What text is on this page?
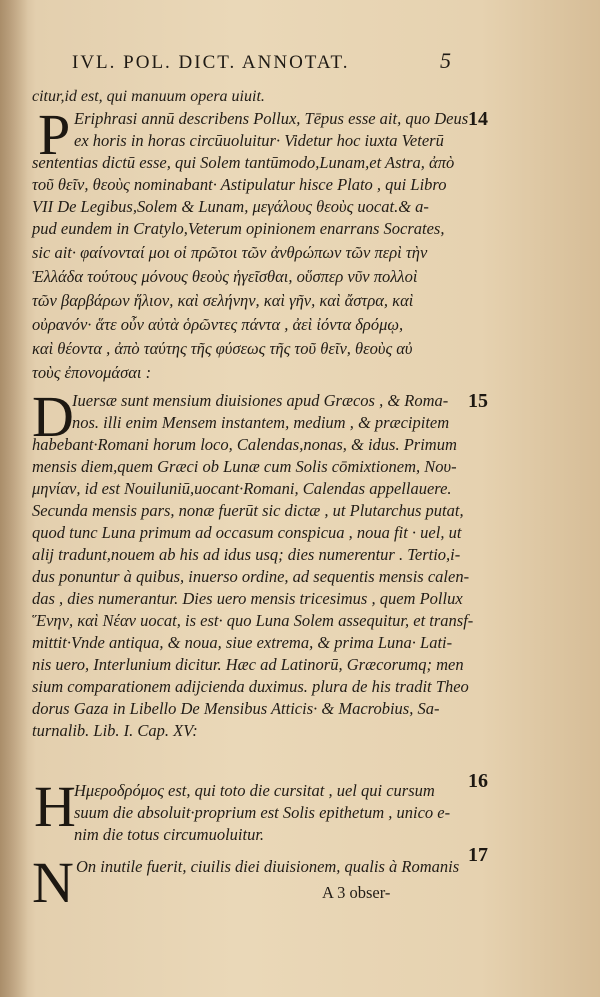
IVL. POL. DICT. ANNOTAT.	5
P
D
H
N
citur,id est, qui manuum opera uiuit.
Eriphrasi annū describens Pollux, Tēpus esse ait, quo Deus
ex horis in horas circūuoluitur· Videtur hoc iuxta Veterū
sententias dictū esse, qui Solem tantūmodo,Lunam,et Astra, ἀπὸ
τοῦ θεῖν, θεοὺς nominabant· Astipulatur hisce Plato , qui Libro
VII De Legibus,Solem & Lunam, μεγάλους θεοὺς uocat.& a-
pud eundem in Cratylo,Veterum opinionem enarrans Socrates,
sic ait· φαίνονταί μοι οἱ πρῶτοι τῶν ἀνθρώπων τῶν περὶ τὴν
Ἑλλάδα τούτους μόνους θεοὺς ἡγεῖσθαι, οὕσπερ νῦν πολλοὶ
τῶν βαρβάρων ἥλιον, καὶ σελήνην, καὶ γῆν, καὶ ἄστρα, καὶ
οὐρανόν· ἅτε οὖν αὐτὰ ὁρῶντες πάντα , ἀεὶ ἰόντα δρόμῳ,
καὶ θέοντα , ἀπὸ ταύτης τῆς φύσεως τῆς τοῦ θεῖν, θεοὺς αὐ
τοὺς ἐπονομάσαι :
Iuersæ sunt mensium diuisiones apud Græcos , & Roma-
nos. illi enim Mensem instantem, medium , & præcipitem
habebant·Romani horum loco, Calendas,nonas, & idus. Primum
mensis diem,quem Græci ob Lunæ cum Solis cōmixtionem, Νου-
μηνίαν, id est Nouiluniū,uocant·Romani, Calendas appellauere.
Secunda mensis pars, nonæ fuerūt sic dictæ , ut Plutarchus putat,
quod tunc Luna primum ad occasum conspicua , noua fit · uel, ut
alij tradunt,nouem ab his ad idus usq; dies numerentur . Tertio,i-
dus ponuntur à quibus, inuerso ordine, ad sequentis mensis calen-
das , dies numerantur. Dies uero mensis tricesimus , quem Pollux
Ἕνην, καὶ Νέαν uocat, is est· quo Luna Solem assequitur, et transf-
mittit·Vnde antiqua, & noua, siue extrema, & prima Luna· Lati-
nis uero, Interlunium dicitur. Hæc ad Latinorū, Græcorumq; men
sium comparationem adijcienda duximus. plura de his tradit Theo
dorus Gaza in Libello De Mensibus Atticis· & Macrobius, Sa-
turnalib. Lib. I. Cap. XV:
Ημεροδρόμος est, qui toto die cursitat , uel qui cursum
suum die absoluit·proprium est Solis epithetum , unico e-
nim die totus circumuoluitur.
On inutile fuerit, ciuilis diei diuisionem, qualis à Romanis
A 3 obser-
14
15
16
17
